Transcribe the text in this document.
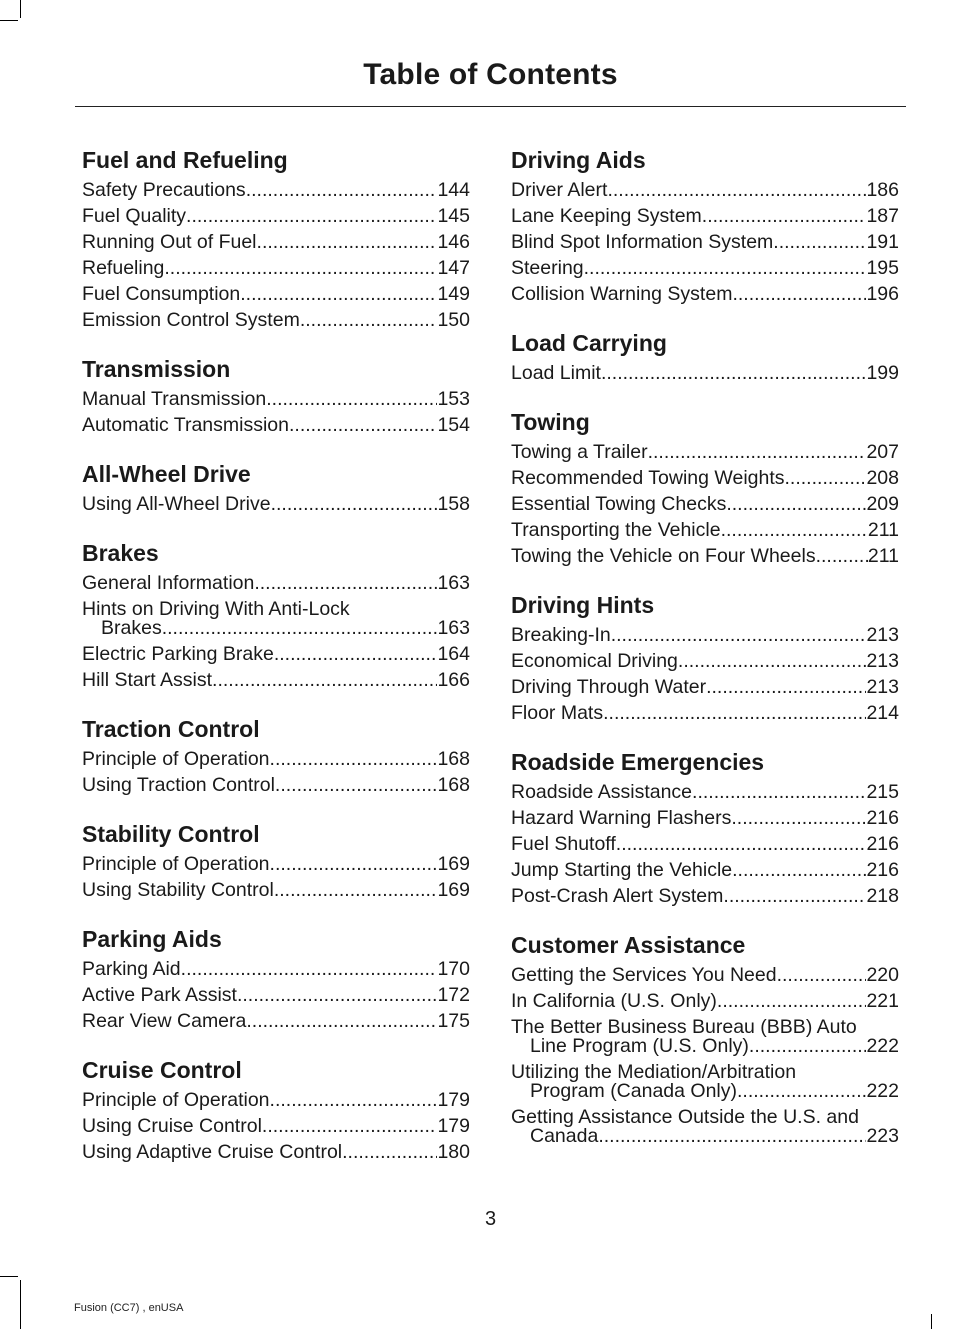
Table of Contents
Fuel and Refueling
Safety Precautions .....	144
Fuel Quality .....	145
Running Out of Fuel .....	146
Refueling .....	147
Fuel Consumption .....	149
Emission Control System .....	150
Transmission
Manual Transmission .....	153
Automatic Transmission .....	154
All-Wheel Drive
Using All-Wheel Drive .....	158
Brakes
General Information .....	163
Hints on Driving With Anti-Lock
Brakes .....	163
Electric Parking Brake .....	164
Hill Start Assist .....	166
Traction Control
Principle of Operation .....	168
Using Traction Control .....	168
Stability Control
Principle of Operation .....	169
Using Stability Control .....	169
Parking Aids
Parking Aid .....	170
Active Park Assist .....	172
Rear View Camera .....	175
Cruise Control
Principle of Operation .....	179
Using Cruise Control .....	179
Using Adaptive Cruise Control .....	180
Driving Aids
Driver Alert .....	186
Lane Keeping System .....	187
Blind Spot Information System .....	191
Steering .....	195
Collision Warning System .....	196
Load Carrying
Load Limit .....	199
Towing
Towing a Trailer .....	207
Recommended Towing Weights .....	208
Essential Towing Checks .....	209
Transporting the Vehicle .....	211
Towing the Vehicle on Four Wheels .....	211
Driving Hints
Breaking-In .....	213
Economical Driving .....	213
Driving Through Water .....	213
Floor Mats .....	214
Roadside Emergencies
Roadside Assistance .....	215
Hazard Warning Flashers .....	216
Fuel Shutoff .....	216
Jump Starting the Vehicle .....	216
Post-Crash Alert System .....	218
Customer Assistance
Getting the Services You Need .....	220
In California (U.S. Only) .....	221
The Better Business Bureau (BBB) Auto
Line Program (U.S. Only) .....	222
Utilizing the Mediation/Arbitration
Program (Canada Only) .....	222
Getting Assistance Outside the U.S. and
Canada .....	223
3
Fusion (CC7) , enUSA
